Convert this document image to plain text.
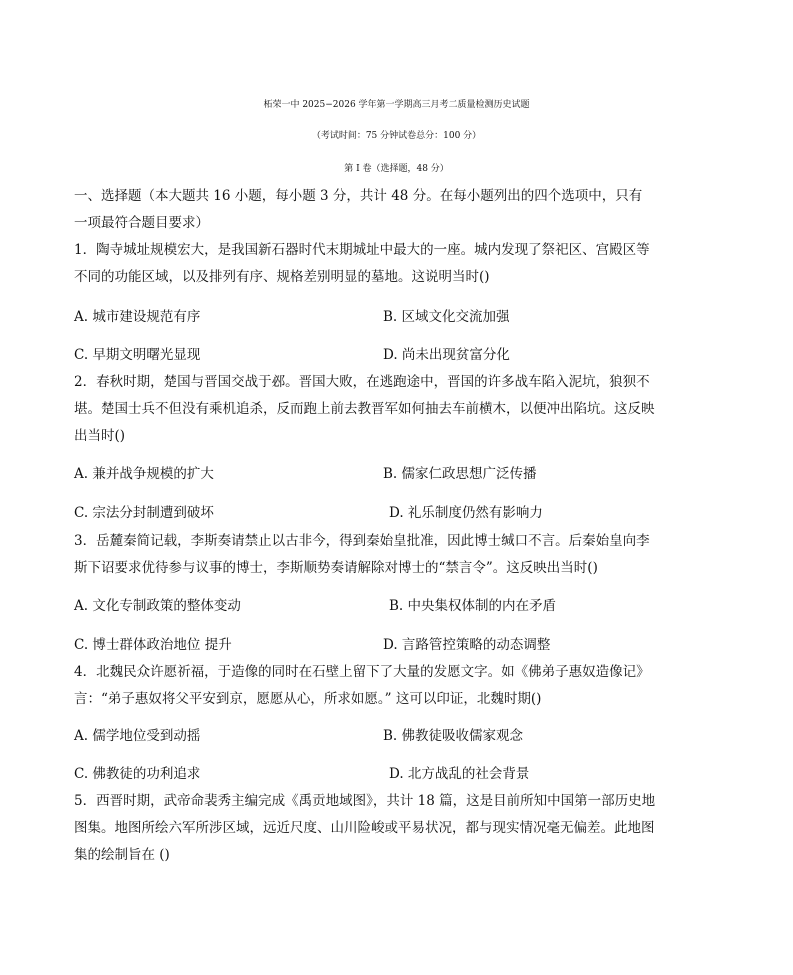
柘荣一中 2025−2026 学年第一学期高三月考二质量检测历史试题
（考试时间：75 分钟试卷总分：100 分）
第 I 卷（选择题，48 分）
一、选择题（本大题共 16 小题，每小题 3 分，共计 48 分。在每小题列出的四个选项中，只有
一项最符合题目要求）
1．陶寺城址规模宏大，是我国新石器时代末期城址中最大的一座。城内发现了祭祀区、宫殿区等
不同的功能区域，以及排列有序、规格差别明显的墓地。这说明当时()
A. 城市建设规范有序	B. 区域文化交流加强
C. 早期文明曙光显现	D. 尚未出现贫富分化
2．春秋时期，楚国与晋国交战于邲。晋国大败，在逃跑途中，晋国的许多战车陷入泥坑，狼狈不
堪。楚国士兵不但没有乘机追杀，反而跑上前去教晋军如何抽去车前横木，以便冲出陷坑。这反映
出当时()
A. 兼并战争规模的扩大	B. 儒家仁政思想广泛传播
C. 宗法分封制遭到破坏	D. 礼乐制度仍然有影响力
3．岳麓秦简记载，李斯奏请禁止以古非今，得到秦始皇批准，因此博士缄口不言。后秦始皇向李
斯下诏要求优待参与议事的博士，李斯顺势奏请解除对博士的“禁言令”。这反映出当时()
A. 文化专制政策的整体变动	B. 中央集权体制的内在矛盾
C. 博士群体政治地位 提升	D. 言路管控策略的动态调整
4．北魏民众许愿祈福，于造像的同时在石壁上留下了大量的发愿文字。如《佛弟子惠奴造像记》
言：“弟子惠奴将父平安到京，愿愿从心，所求如愿。” 这可以印证，北魏时期()
A. 儒学地位受到动摇	B. 佛教徒吸收儒家观念
C. 佛教徒的功利追求	D. 北方战乱的社会背景
5．西晋时期，武帝命裴秀主编完成《禹贡地域图》，共计 18 篇，这是目前所知中国第一部历史地
图集。地图所绘六军所涉区域，远近尺度、山川险峻或平易状况，都与现实情况毫无偏差。此地图
集的绘制旨在 ()
